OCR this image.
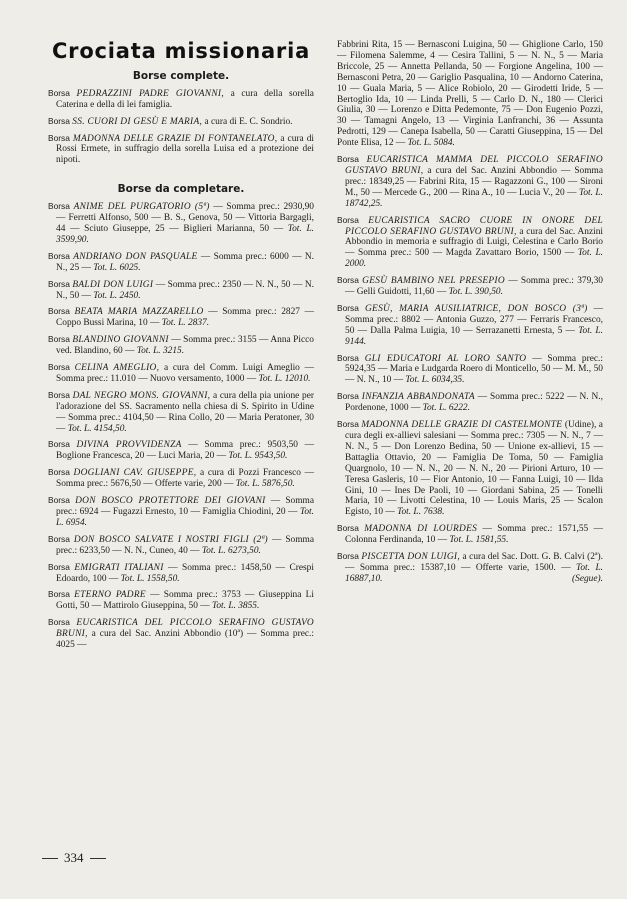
Crociata missionaria
Borse complete.

Borsa PEDRAZZINI PADRE GIOVANNI, a cura della sorella Caterina e della di lei famiglia.

Borsa SS. CUORI DI GESÙ E MARIA, a cura di E. C. Sondrio.

Borsa MADONNA DELLE GRAZIE DI FONTANELATO, a cura di Rossi Ermete, in suffragio della sorella Luisa ed a protezione dei nipoti.

Borse da completare.

Borsa ANIME DEL PURGATORIO (5ª) — Somma prec.: 2930,90 — Ferretti Alfonso, 500 — B. S., Genova, 50 — Vittoria Bargagli, 44 — Sciuto Giuseppe, 25 — Biglieri Marianna, 50 — Tot. L. 3599,90.

Borsa ANDRIANO DON PASQUALE — Somma prec.: 6000 — N. N., 25 — Tot. L. 6025.

Borsa BALDI DON LUIGI — Somma prec.: 2350 — N. N., 50 — N. N., 50 — Tot. L. 2450.

Borsa BEATA MARIA MAZZARELLO — Somma prec.: 2827 — Coppo Bussi Marina, 10 — Tot. L. 2837.

Borsa BLANDINO GIOVANNI — Somma prec.: 3155 — Anna Picco ved. Blandino, 60 — Tot. L. 3215.

Borsa CELINA AMEGLIO, a cura del Comm. Luigi Ameglio — Somma prec.: 11.010 — Nuovo versamento, 1000 — Tot. L. 12010.

Borsa DAL NEGRO MONS. GIOVANNI, a cura della pia unione per l'adorazione del SS. Sacramento nella chiesa di S. Spirito in Udine — Somma prec.: 4104,50 — Rina Collo, 20 — Maria Peratoner, 30 — Tot. L. 4154,50.

Borsa DIVINA PROVVIDENZA — Somma prec.: 9503,50 — Boglione Francesca, 20 — Luci Maria, 20 — Tot. L. 9543,50.

Borsa DOGLIANI CAV. GIUSEPPE, a cura di Pozzi Francesco — Somma prec.: 5676,50 — Offerte varie, 200 — Tot. L. 5876,50.

Borsa DON BOSCO PROTETTORE DEI GIOVANI — Somma prec.: 6924 — Fugazzi Ernesto, 10 — Famiglia Chiodini, 20 — Tot. L. 6954.

Borsa DON BOSCO SALVATE I NOSTRI FIGLI (2ª) — Somma prec.: 6233,50 — N. N., Cuneo, 40 — Tot. L. 6273,50.

Borsa EMIGRATI ITALIANI — Somma prec.: 1458,50 — Crespi Edoardo, 100 — Tot. L. 1558,50.

Borsa ETERNO PADRE — Somma prec.: 3753 — Giuseppina Li Gotti, 50 — Mattirolo Giuseppina, 50 — Tot. L. 3855.

Borsa EUCARISTICA DEL PICCOLO SERAFINO GUSTAVO BRUNI, a cura del Sac. Anzini Abbondio (10ª) — Somma prec.: 4025 —

Fabbrini Rita, 15 — Bernasconi Luigina, 50 — Ghiglione Carlo, 150 — Filomena Salemme, 4 — Cesira Tallini, 5 — N. N., 5 — Maria Briccole, 25 — Annetta Pellanda, 50 — Forgione Angelina, 100 — Bernasconi Petra, 20 — Gariglio Pasqualina, 10 — Andorno Caterina, 10 — Guala Maria, 5 — Alice Robiolo, 20 — Girodetti Iride, 5 — Bertoglio Ida, 10 — Linda Prelli, 5 — Carlo D. N., 180 — Clerici Giulia, 30 — Lorenzo e Ditta Pedemonte, 75 — Don Eugenio Pozzi, 30 — Tamagni Angelo, 13 — Virginia Lanfranchi, 36 — Assunta Pedrotti, 129 — Canepa Isabella, 50 — Caratti Giuseppina, 15 — Del Ponte Elisa, 12 — Tot. L. 5084.

Borsa EUCARISTICA MAMMA DEL PICCOLO SERAFINO GUSTAVO BRUNI, a cura del Sac. Anzini Abbondio — Somma prec.: 18349,25 — Fabrini Rita, 15 — Ragazzoni G., 100 — Sironi M., 50 — Mercede G., 200 — Rina A., 10 — Lucia V., 20 — Tot. L. 18742,25.

Borsa EUCARISTICA SACRO CUORE IN ONORE DEL PICCOLO SERAFINO GUSTAVO BRUNI, a cura del Sac. Anzini Abbondio in memoria e suffragio di Luigi, Celestina e Carlo Borio — Somma prec.: 500 — Magda Zavattaro Borio, 1500 — Tot. L. 2000.

Borsa GESÙ BAMBINO NEL PRESEPIO — Somma prec.: 379,30 — Gelli Guidotti, 11,60 — Tot. L. 390,50.

Borsa GESÙ, MARIA AUSILIATRICE, DON BOSCO (3ª) — Somma prec.: 8802 — Antonia Guzzo, 277 — Ferraris Francesco, 50 — Dalla Palma Luigia, 10 — Serrazanetti Ernesta, 5 — Tot. L. 9144.

Borsa GLI EDUCATORI AL LORO SANTO — Somma prec.: 5924,35 — Maria e Ludgarda Roero di Monticello, 50 — M. M., 50 — N. N., 10 — Tot. L. 6034,35.

Borsa INFANZIA ABBANDONATA — Somma prec.: 5222 — N. N., Pordenone, 1000 — Tot. L. 6222.

Borsa MADONNA DELLE GRAZIE DI CASTELMONTE (Udine), a cura degli ex-allievi salesiani — Somma prec.: 7305 — N. N., 7 — N. N., 5 — Don Lorenzo Bedina, 50 — Unione ex-allievi, 15 — Battaglia Ottavio, 20 — Famiglia De Toma, 50 — Famiglia Quargnolo, 10 — N. N., 20 — N. N., 20 — Pirioni Arturo, 10 — Teresa Gasleris, 10 — Fior Antonio, 10 — Fanna Luigi, 10 — Ilda Gini, 10 — Ines De Paoli, 10 — Giordani Sabina, 25 — Tonelli Maria, 10 — Livotti Celestina, 10 — Louis Maris, 25 — Scalon Egisto, 10 — Tot. L. 7638.

Borsa MADONNA DI LOURDES — Somma prec.: 1571,55 — Colonna Ferdinanda, 10 — Tot. L. 1581,55.

Borsa PISCETTA DON LUIGI, a cura del Sac. Dott. G. B. Calvi (2ª). — Somma prec.: 15387,10 — Offerte varie, 1500. — Tot. L. 16887,10.	(Segue).

334
